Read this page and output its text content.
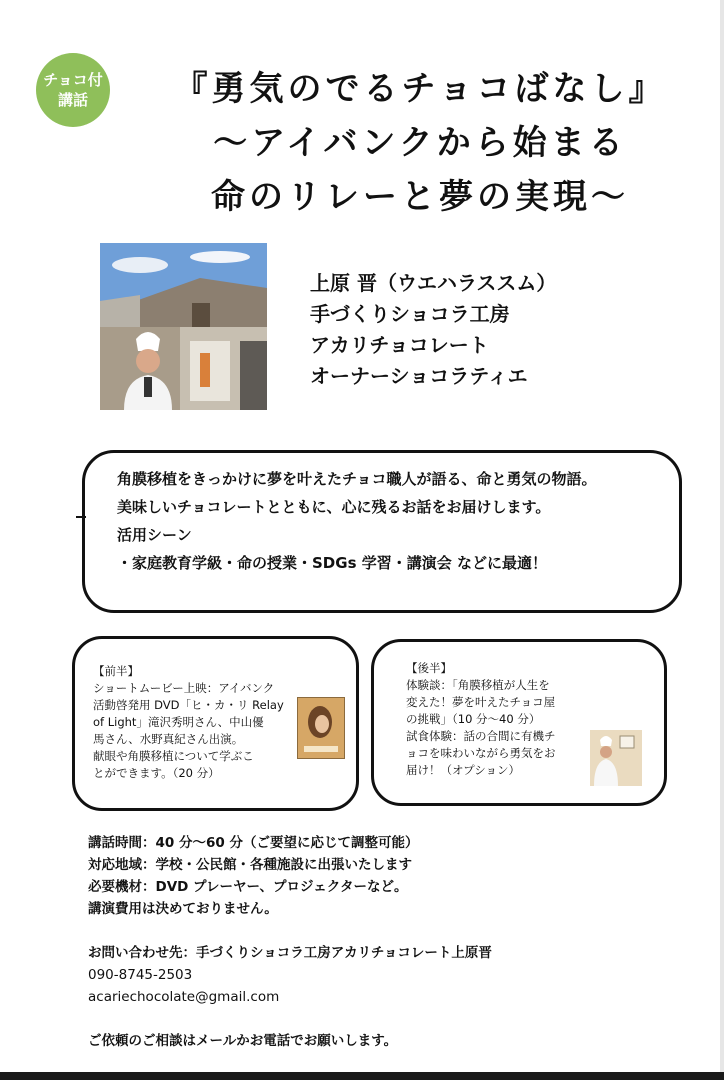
チョコ付
講話	『勇気のでるチョコばなし』
～アイバンクから始まる
命のリレーと夢の実現～
上原 晋（ウエハラススム）
手づくりショコラ工房
アカリチョコレート
オーナーショコラティエ
角膜移植をきっかけに夢を叶えたチョコ職人が語る、命と勇気の物語。
美味しいチョコレートとともに、心に残るお話をお届けします。
活用シーン
・家庭教育学級・命の授業・SDGs 学習・講演会 などに最適！
【前半】
ショートムービー上映：アイバンク
活動啓発用 DVD「ヒ・カ・リ Relay
of Light」滝沢秀明さん、中山優
馬さん、水野真紀さん出演。
献眼や角膜移植について学ぶこ
とができます。（20 分）
【後半】
体験談：「角膜移植が人生を
変えた！夢を叶えたチョコ屋
の挑戦」（10 分～40 分）
試食体験：話の合間に有機チ
ョコを味わいながら勇気をお
届け！（オプション）
講話時間：40 分～60 分（ご要望に応じて調整可能）
対応地域：学校・公民館・各種施設に出張いたします
必要機材：DVD プレーヤー、プロジェクターなど。
講演費用は決めておりません。
お問い合わせ先：手づくりショコラ工房アカリチョコレート上原晋
090-8745-2503
acariechocolate@gmail.com
ご依頼のご相談はメールかお電話でお願いします。
